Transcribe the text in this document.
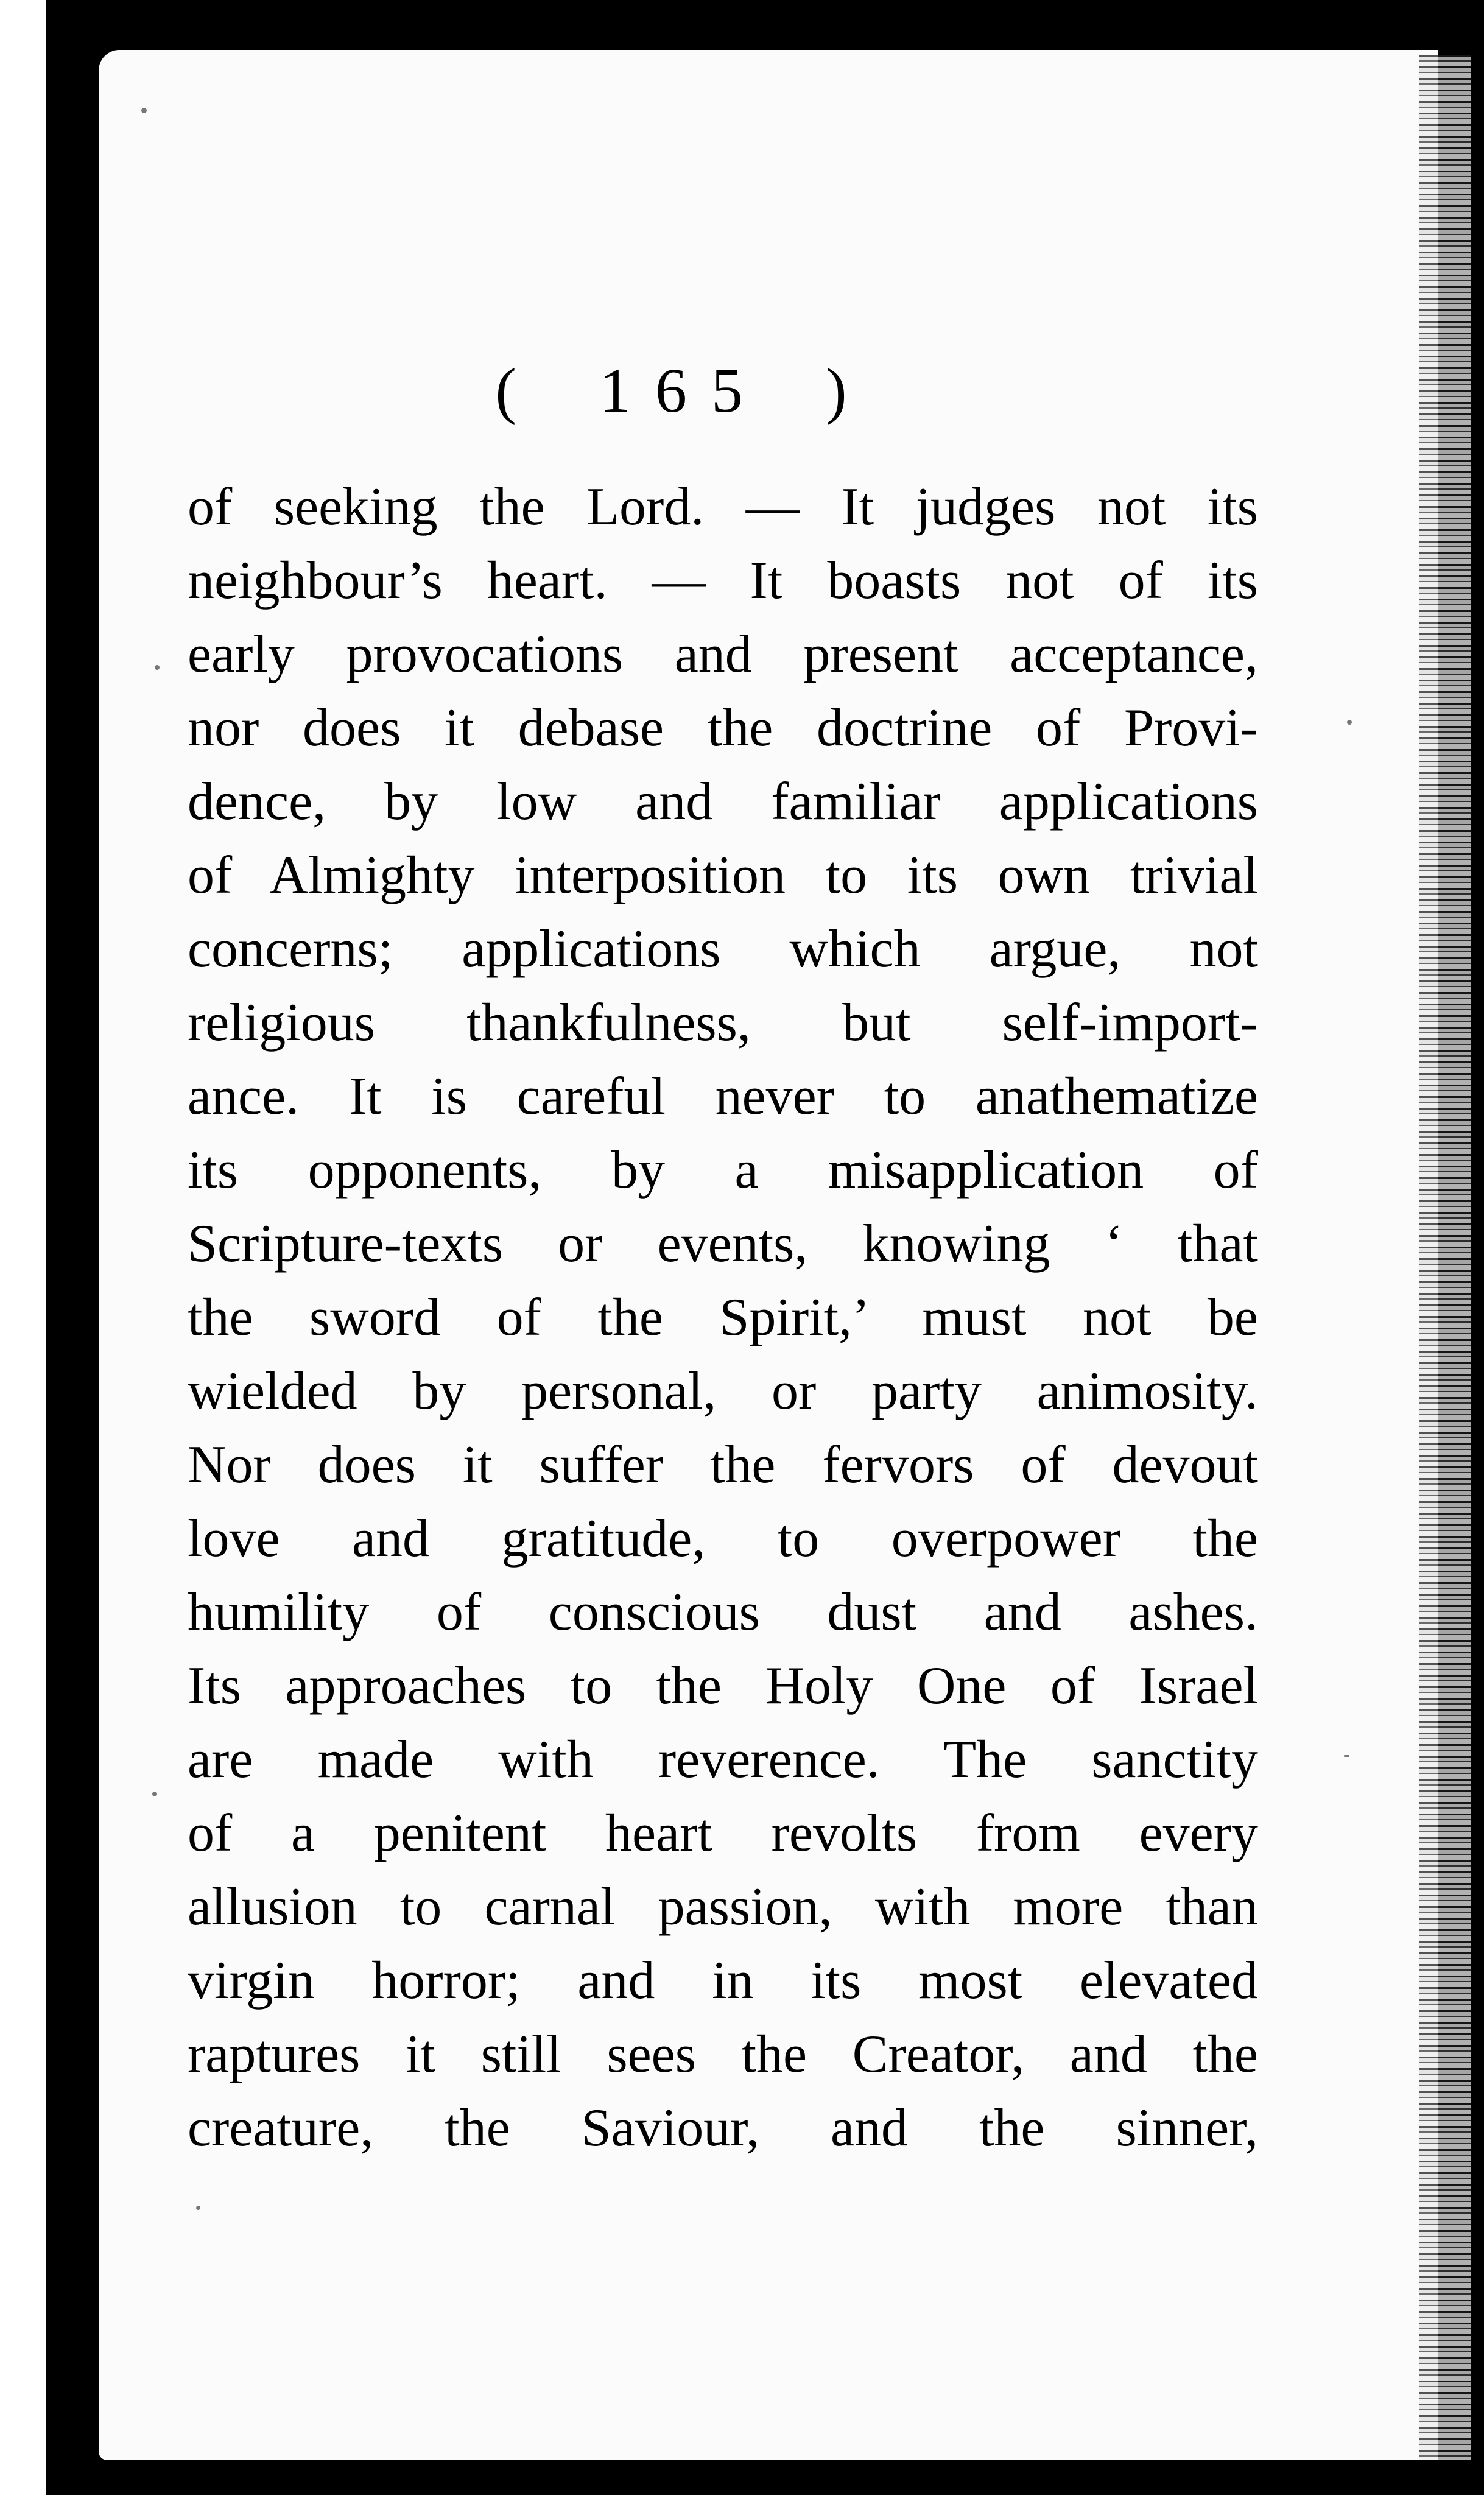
( 165 )
of seeking the Lord. — It judges not its
neighbour’s heart. — It boasts not of its
early provocations and present acceptance,
nor does it debase the doctrine of Provi-
dence, by low and familiar applications
of Almighty interposition to its own trivial
concerns; applications which argue, not
religious thankfulness, but self-import-
ance. It is careful never to anathematize
its opponents, by a misapplication of
Scripture-texts or events, knowing ‘ that
the sword of the Spirit,’ must not be
wielded by personal, or party animosity.
Nor does it suffer the fervors of devout
love and gratitude, to overpower the
humility of conscious dust and ashes.
Its approaches to the Holy One of Israel
are made with reverence. The sanctity
of a penitent heart revolts from every
allusion to carnal passion, with more than
virgin horror; and in its most elevated
raptures it still sees the Creator, and the
creature, the Saviour, and the sinner,
